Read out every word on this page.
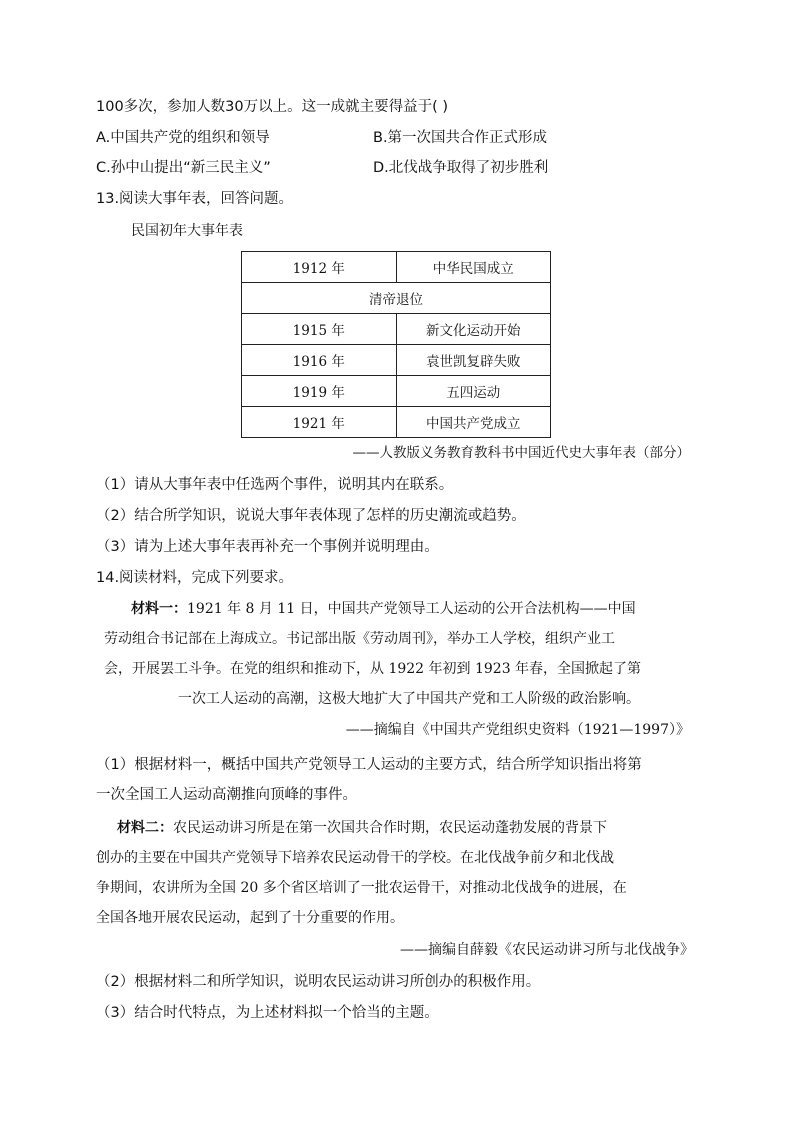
100多次，参加人数30万以上。这一成就主要得益于( )
A.中国共产党的组织和领导	B.第一次国共合作正式形成
C.孙中山提出“新三民主义”	D.北伐战争取得了初步胜利
13.阅读大事年表，回答问题。
民国初年大事年表
1912 年	中华民国成立
清帝退位	
1915 年	新文化运动开始
1916 年	袁世凯复辟失败
1919 年	五四运动
1921 年	中国共产党成立
——人教版义务教育教科书中国近代史大事年表（部分）
（1）请从大事年表中任选两个事件，说明其内在联系。
（2）结合所学知识，说说大事年表体现了怎样的历史潮流或趋势。
（3）请为上述大事年表再补充一个事例并说明理由。
14.阅读材料，完成下列要求。
材料一：1921 年 8 月 11 日，中国共产党领导工人运动的公开合法机构——中国
劳动组合书记部在上海成立。书记部出版《劳动周刊》，举办工人学校，组织产业工
会，开展罢工斗争。在党的组织和推动下，从 1922 年初到 1923 年春，全国掀起了第
一次工人运动的高潮，这极大地扩大了中国共产党和工人阶级的政治影响。
——摘编自《中国共产党组织史资料（1921—1997）》
（1）根据材料一，概括中国共产党领导工人运动的主要方式，结合所学知识指出将第
一次全国工人运动高潮推向顶峰的事件。
材料二：农民运动讲习所是在第一次国共合作时期，农民运动蓬勃发展的背景下
创办的主要在中国共产党领导下培养农民运动骨干的学校。在北伐战争前夕和北伐战
争期间，农讲所为全国 20 多个省区培训了一批农运骨干，对推动北伐战争的进展，在
全国各地开展农民运动，起到了十分重要的作用。
——摘编自薛毅《农民运动讲习所与北伐战争》
（2）根据材料二和所学知识，说明农民运动讲习所创办的积极作用。
（3）结合时代特点，为上述材料拟一个恰当的主题。
